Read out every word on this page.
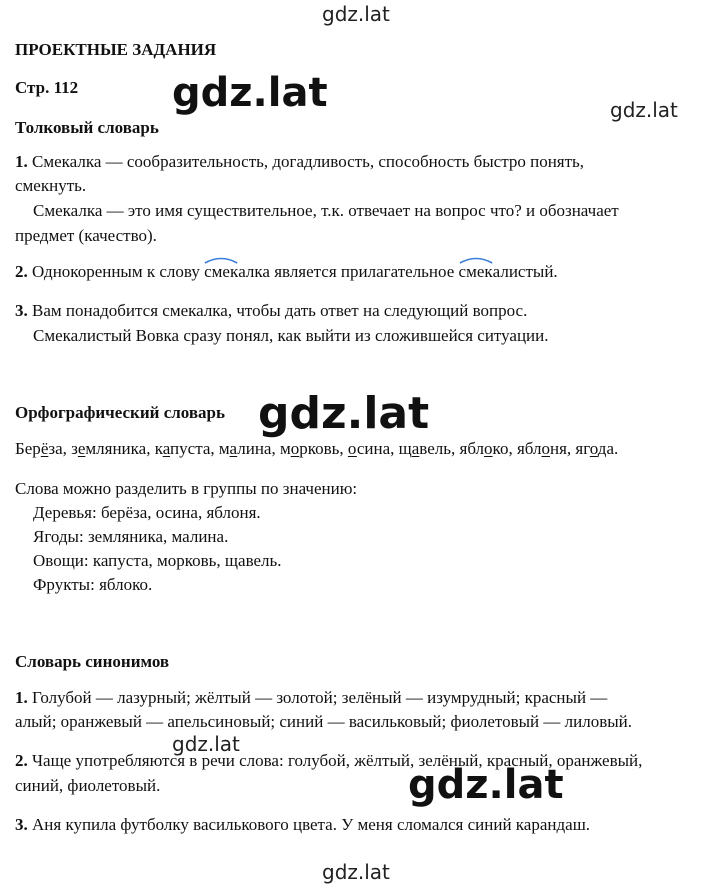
ПРОЕКТНЫЕ ЗАДАНИЯ
Стр. 112
Толковый словарь
1. Смекалка — сообразительность, догадливость, способность быстро понять,
смекнуть.
Смекалка — это имя существительное, т.к. отвечает на вопрос что? и обозначает
предмет (качество).
2. Однокоренным к слову
смекалка является прилагательное
смекалистый.
3. Вам понадобится смекалка, чтобы дать ответ на следующий вопрос.
Смекалистый Вовка сразу понял, как выйти из сложившейся ситуации.
Орфографический словарь
Берёза, земляника, капуста, малина, морковь, осина, щавель, яблоко, яблоня, ягода.
Слова можно разделить в группы по значению:
Деревья: берёза, осина, яблоня.
Ягоды: земляника, малина.
Овощи: капуста, морковь, щавель.
Фрукты: яблоко.
Словарь синонимов
1. Голубой — лазурный; жёлтый — золотой; зелёный — изумрудный; красный —
алый; оранжевый — апельсиновый; синий — васильковый; фиолетовый — лиловый.
2. Чаще употребляются в речи слова: голубой, жёлтый, зелёный, красный, оранжевый,
синий, фиолетовый.
3. Аня купила футболку василькового цвета. У меня сломался синий карандаш.
gdz.lat
gdz.lat	gdz.lat
gdz.lat
gdz.lat
gdz.lat
gdz.lat
